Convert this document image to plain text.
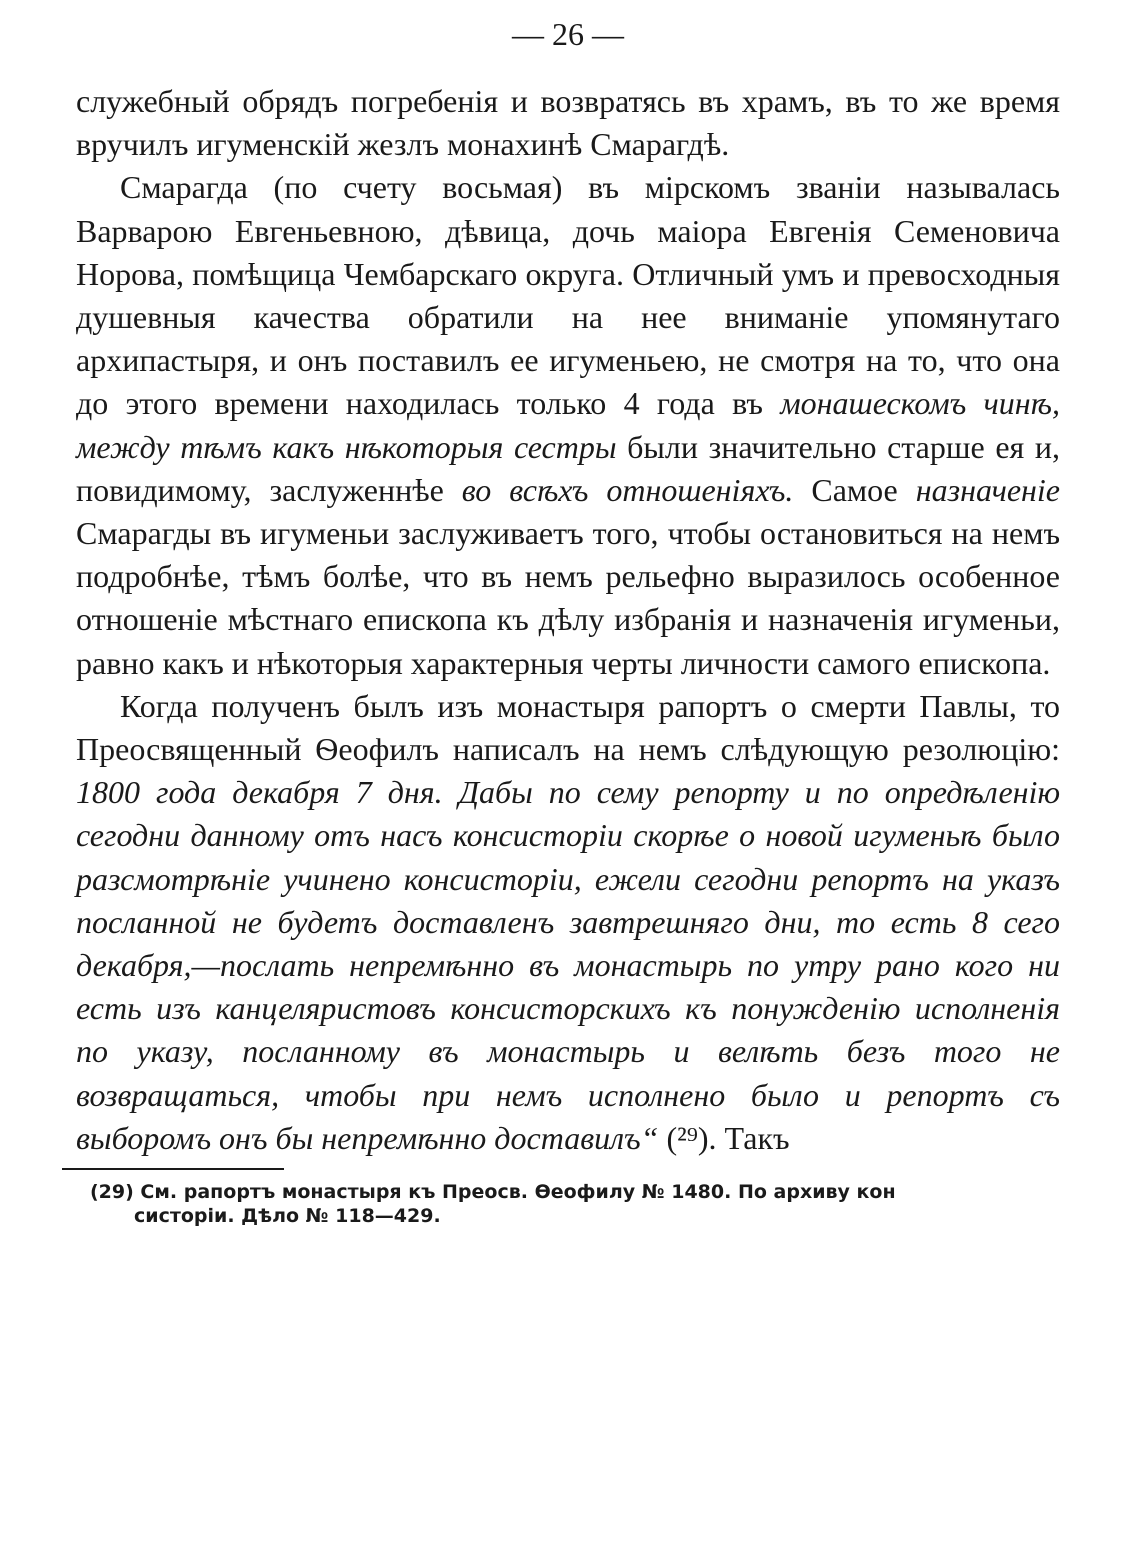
— 26 —

служебный обрядъ погребенія и возвратясь въ храмъ, въ то же время вручилъ игуменскій жезлъ монахинѣ Смарагдѣ.

Смарагда (по счету восьмая) въ мірскомъ званіи называлась Варварою Евгеньевною, дѣвица, дочь маіора Евгенія Семеновича Норова, помѣщица Чембарскаго округа. Отличный умъ и превосходныя душевныя качества обратили на нее вниманіе упомянутаго архипастыря, и онъ поставилъ ее игуменьею, не смотря на то, что она до этого времени находилась только 4 года въ монашескомъ чинѣ, между тѣмъ какъ нѣкоторыя сестры были значительно старше ея и, повидимому, заслуженнѣе во всѣхъ отношеніяхъ. Самое назначеніе Смарагды въ игуменьи заслуживаетъ того, чтобы остановиться на немъ подробнѣе, тѣмъ болѣе, что въ немъ рельефно выразилось особенное отношеніе мѣстнаго епископа къ дѣлу избранія и назначенія игуменьи, равно какъ и нѣкоторыя характерныя черты личности самого епископа.

Когда полученъ былъ изъ монастыря рапортъ о смерти Павлы, то Преосвященный Ѳеофилъ написалъ на немъ слѣдующую резолюцію: 1800 года декабря 7 дня. Дабы по сему репорту и по опредѣленію сегодни данному отъ насъ консисторіи скорѣе о новой игуменьѣ было разсмотрѣніе учинено консисторіи, ежели сегодни репортъ на указъ посланной не будетъ доставленъ завтрешняго дни, то есть 8 сего декабря,—послать непремѣнно въ монастырь по утру рано кого ни есть изъ канцеляристовъ консисторскихъ къ понужденію исполненія по указу, посланному въ монастырь и велѣть безъ того не возвращаться, чтобы при немъ исполнено было и репортъ съ выборомъ онъ бы непремѣнно доставилъ“ (²⁹). Такъ

(29) См. рапортъ монастыря къ Преосв. Ѳеофилу № 1480. По архиву кон
систоріи. Дѣло № 118—429.
